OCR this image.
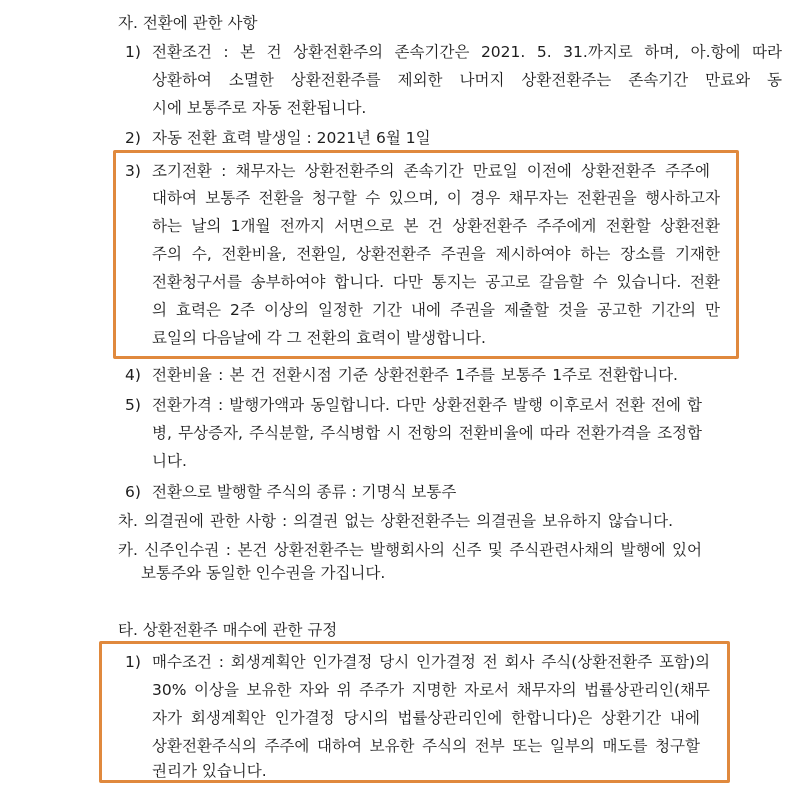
자. 전환에 관한 사항
1) 전환조건 : 본 건 상환전환주의 존속기간은 2021. 5. 31.까지로 하며, 아.항에 따라
상환하여 소멸한 상환전환주를 제외한 나머지 상환전환주는 존속기간 만료와 동
시에 보통주로 자동 전환됩니다.
2) 자동 전환 효력 발생일 : 2021년 6월 1일
3) 조기전환 : 채무자는 상환전환주의 존속기간 만료일 이전에 상환전환주 주주에
대하여 보통주 전환을 청구할 수 있으며, 이 경우 채무자는 전환권을 행사하고자
하는 날의 1개월 전까지 서면으로 본 건 상환전환주 주주에게 전환할 상환전환
주의 수, 전환비율, 전환일, 상환전환주 주권을 제시하여야 하는 장소를 기재한
전환청구서를 송부하여야 합니다. 다만 통지는 공고로 갈음할 수 있습니다. 전환
의 효력은 2주 이상의 일정한 기간 내에 주권을 제출할 것을 공고한 기간의 만
료일의 다음날에 각 그 전환의 효력이 발생합니다.
4) 전환비율 : 본 건 전환시점 기준 상환전환주 1주를 보통주 1주로 전환합니다.
5) 전환가격 : 발행가액과 동일합니다. 다만 상환전환주 발행 이후로서 전환 전에 합
병, 무상증자, 주식분할, 주식병합 시 전항의 전환비율에 따라 전환가격을 조정합
니다.
6) 전환으로 발행할 주식의 종류 : 기명식 보통주
차. 의결권에 관한 사항 : 의결권 없는 상환전환주는 의결권을 보유하지 않습니다.
카. 신주인수권 : 본건 상환전환주는 발행회사의 신주 및 주식관련사채의 발행에 있어
보통주와 동일한 인수권을 가집니다.
타. 상환전환주 매수에 관한 규정
1) 매수조건 : 회생계획안 인가결정 당시 인가결정 전 회사 주식(상환전환주 포함)의
30% 이상을 보유한 자와 위 주주가 지명한 자로서 채무자의 법률상관리인(채무
자가 회생계획안 인가결정 당시의 법률상관리인에 한합니다)은 상환기간 내에
상환전환주식의 주주에 대하여 보유한 주식의 전부 또는 일부의 매도를 청구할
권리가 있습니다.
